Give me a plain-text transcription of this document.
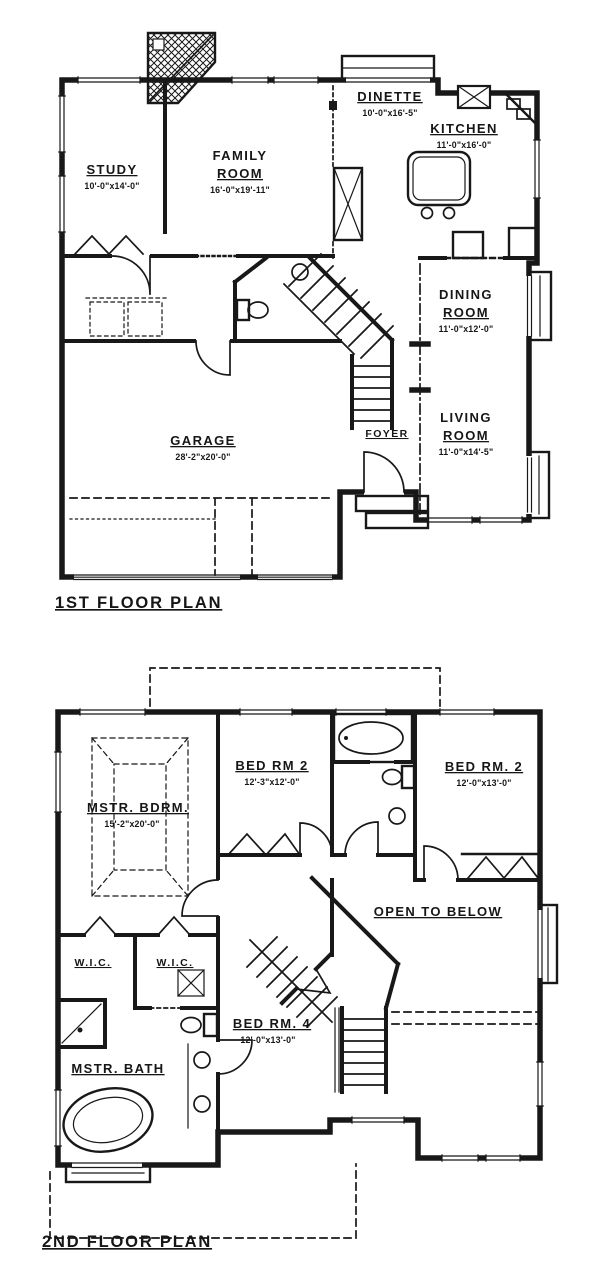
STUDY
10'-0"x14'-0"
FAMILY
ROOM
16'-0"x19'-11"
DINETTE
10'-0"x16'-5"
KITCHEN
11'-0"x16'-0"
DINING
ROOM
11'-0"x12'-0"
LIVING
ROOM
11'-0"x14'-5"
GARAGE
28'-2"x20'-0"
FOYER
1ST FLOOR PLAN
MSTR. BDRM.
15'-2"x20'-0"
BED RM 2
12'-3"x12'-0"
BED RM. 2
12'-0"x13'-0"
OPEN TO BELOW
W.I.C.	W.I.C.
BED RM. 4
12'-0"x13'-0"
MSTR. BATH
2ND FLOOR PLAN
